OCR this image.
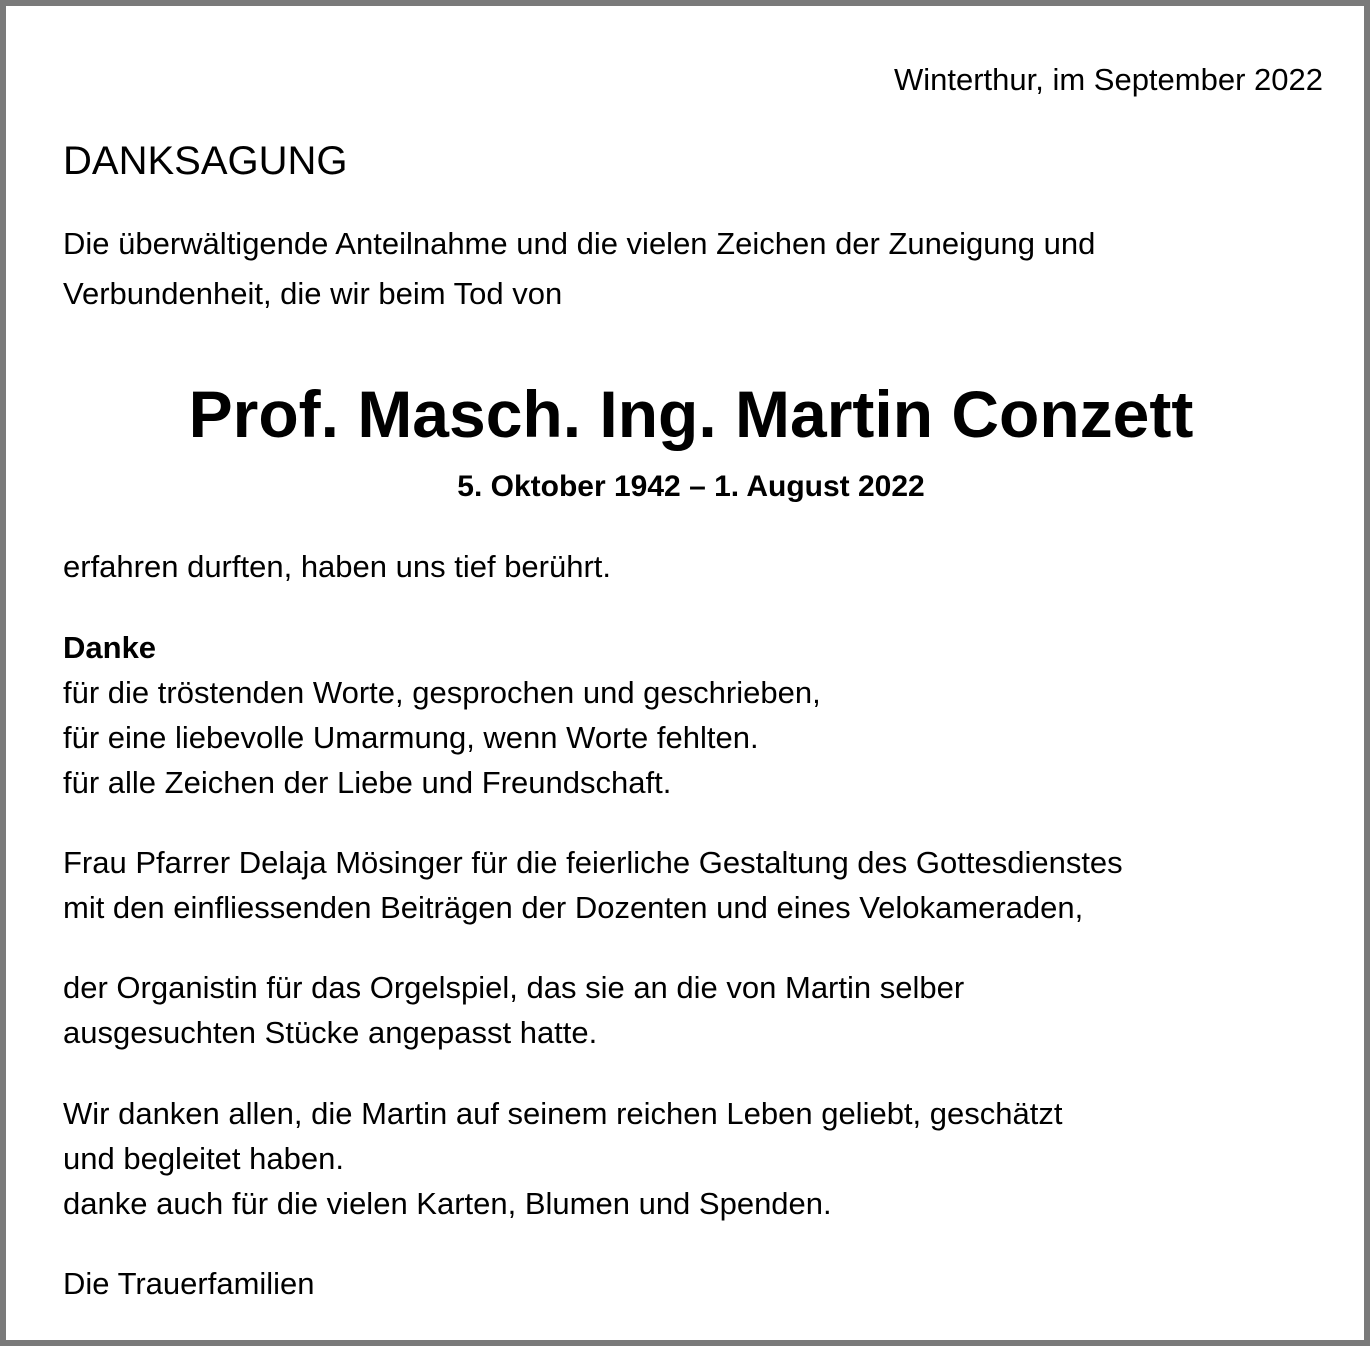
Winterthur, im September 2022
DANKSAGUNG
Die überwältigende Anteilnahme und die vielen Zeichen der Zuneigung und
Verbundenheit, die wir beim Tod von
Prof. Masch. Ing. Martin Conzett
5. Oktober 1942 – 1. August 2022
erfahren durften, haben uns tief berührt.
Danke
für die tröstenden Worte, gesprochen und geschrieben,
für eine liebevolle Umarmung, wenn Worte fehlten.
für alle Zeichen der Liebe und Freundschaft.
Frau Pfarrer Delaja Mösinger für die feierliche Gestaltung des Gottesdienstes
mit den einfliessenden Beiträgen der Dozenten und eines Velokameraden,
der Organistin für das Orgelspiel, das sie an die von Martin selber
ausgesuchten Stücke angepasst hatte.
Wir danken allen, die Martin auf seinem reichen Leben geliebt, geschätzt
und begleitet haben.
danke auch für die vielen Karten, Blumen und Spenden.
Die Trauerfamilien
